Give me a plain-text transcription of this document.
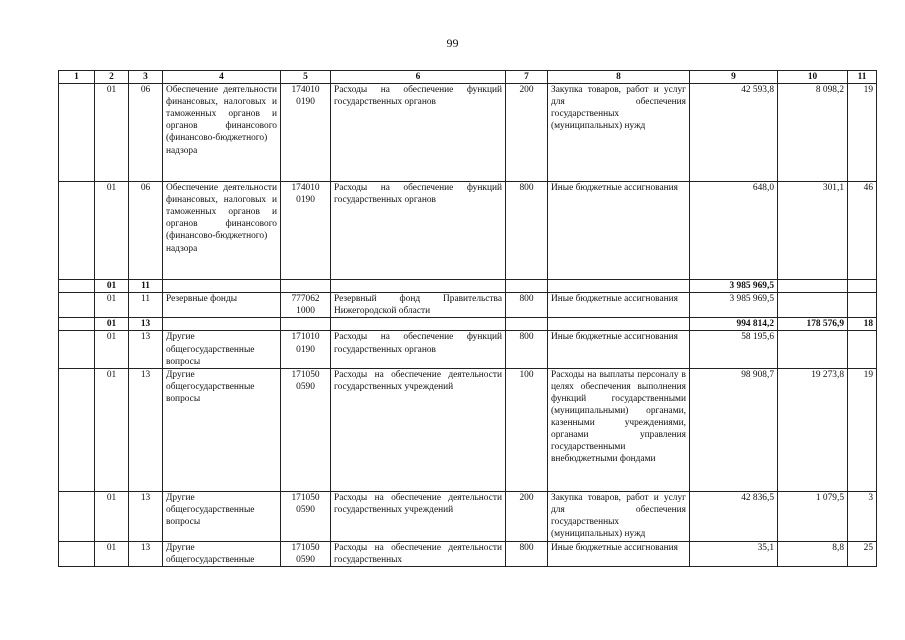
99
1	2	3	4	5	6	7	8	9	10	11
	01	06	Обеспечение деятельности финансовых, налоговых и таможенных органов и органов финансового (финансово-бюджетного) надзора	174010 0190	Расходы на обеспечение функций государственных органов	200	Закупка товаров, работ и услуг для обеспечения государственных (муниципальных) нужд	42 593,8	8 098,2	19
	01	06	Обеспечение деятельности финансовых, налоговых и таможенных органов и органов финансового (финансово-бюджетного) надзора	174010 0190	Расходы на обеспечение функций государственных органов	800	Иные бюджетные ассигнования	648,0	301,1	46
	01	11						3 985 969,5		
	01	11	Резервные фонды	777062 1000	Резервный фонд Правительства Нижегородской области	800	Иные бюджетные ассигнования	3 985 969,5		
	01	13						994 814,2	178 576,9	18
	01	13	Другие общегосударственные вопросы	171010 0190	Расходы на обеспечение функций государственных органов	800	Иные бюджетные ассигнования	58 195,6		
	01	13	Другие общегосударственные вопросы	171050 0590	Расходы на обеспечение деятельности государственных учреждений	100	Расходы на выплаты персоналу в целях обеспечения выполнения функций государственными (муниципальными) органами, казенными учреждениями, органами управления государственными внебюджетными фондами	98 908,7	19 273,8	19
	01	13	Другие общегосударственные вопросы	171050 0590	Расходы на обеспечение деятельности государственных учреждений	200	Закупка товаров, работ и услуг для обеспечения государственных (муниципальных) нужд	42 836,5	1 079,5	3
	01	13	Другие общегосударственные	171050 0590	Расходы на обеспечение деятельности государственных	800	Иные бюджетные ассигнования	35,1	8,8	25
